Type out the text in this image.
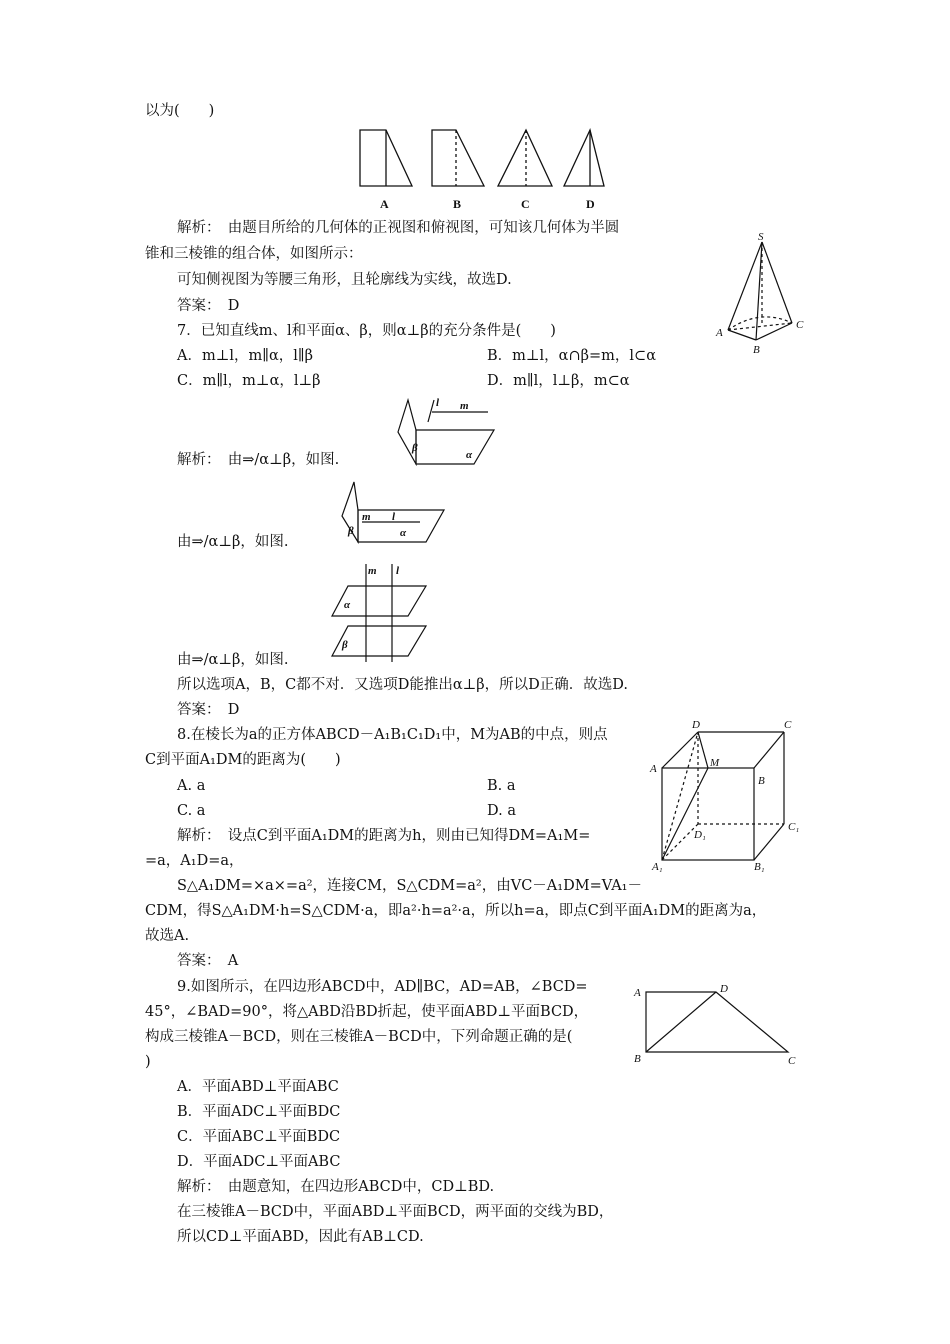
以为(　　)
解析：　由题目所给的几何体的正视图和俯视图，可知该几何体为半圆
锥和三棱锥的组合体，如图所示：
可知侧视图为等腰三角形，且轮廓线为实线，故选D.
答案：　D
7．已知直线m、l和平面α、β，则α⊥β的充分条件是(　　)
A．m⊥l，m∥α，l∥β	B．m⊥l，α∩β=m，l⊂α
C．m∥l，m⊥α，l⊥β	D．m∥l，l⊥β，m⊂α
解析：　由⇒/α⊥β，如图.
由⇒/α⊥β，如图.
由⇒/α⊥β，如图.
所以选项A，B，C都不对．又选项D能推出α⊥β，所以D正确．故选D.
答案：　D
8.在棱长为a的正方体ABCD－A₁B₁C₁D₁中，M为AB的中点，则点
C到平面A₁DM的距离为(　　)
A. a	B. a
C. a	D. a
解析：　设点C到平面A₁DM的距离为h，则由已知得DM=A₁M=
=a，A₁D=a，
S△A₁DM=×a×=a²，连接CM，S△CDM=a²，由VC－A₁DM=VA₁－
CDM，得S△A₁DM·h=S△CDM·a，即a²·h=a²·a，所以h=a，即点C到平面A₁DM的距离为a，
故选A.
答案：　A
9.如图所示，在四边形ABCD中，AD∥BC，AD=AB，∠BCD=
45°，∠BAD=90°，将△ABD沿BD折起，使平面ABD⊥平面BCD，
构成三棱锥A－BCD，则在三棱锥A－BCD中，下列命题正确的是(
)
A．平面ABD⊥平面ABC
B．平面ADC⊥平面BDC
C．平面ABC⊥平面BDC
D．平面ADC⊥平面ABC
解析：　由题意知，在四边形ABCD中，CD⊥BD.
在三棱锥A－BCD中，平面ABD⊥平面BCD，两平面的交线为BD，
所以CD⊥平面ABD，因此有AB⊥CD.
A	B	C	D
S
A
B
C
l m
β
α
m l
β	α
m l
α
β
D	C
A	M
B
D₁
C₁
A₁	B₁
A	D
B	C
